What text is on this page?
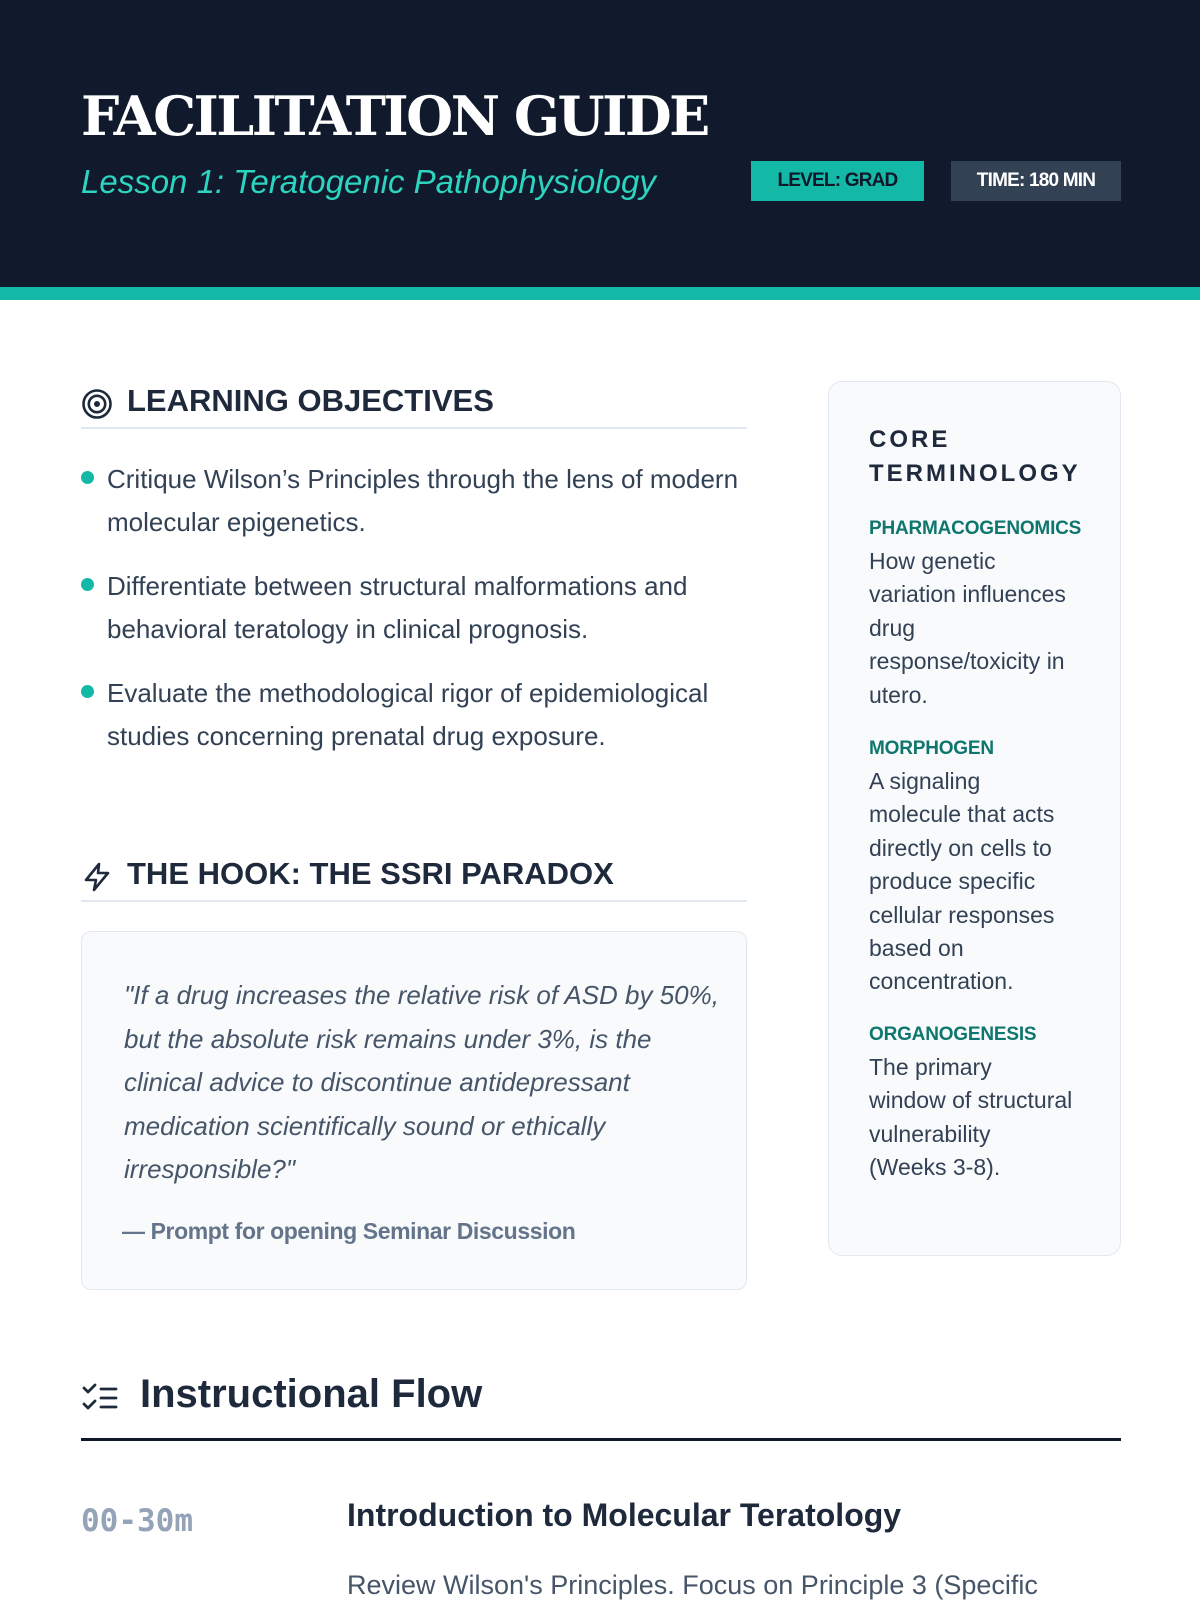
FACILITATION GUIDE
Lesson 1: Teratogenic Pathophysiology	LEVEL: GRAD	TIME: 180 MIN
LEARNING OBJECTIVES
Critique Wilson’s Principles through the lens of modern molecular epigenetics.
Differentiate between structural malformations and behavioral teratology in clinical prognosis.
Evaluate the methodological rigor of epidemiological studies concerning prenatal drug exposure.
THE HOOK: THE SSRI PARADOX
"If a drug increases the relative risk of ASD by 50%, but the absolute risk remains under 3%, is the clinical advice to discontinue antidepressant medication scientifically sound or ethically irresponsible?"
— Prompt for opening Seminar Discussion
CORE TERMINOLOGY
PHARMACOGENOMICS
How genetic variation influences drug response/toxicity in utero.
MORPHOGEN
A signaling molecule that acts directly on cells to produce specific cellular responses based on concentration.
ORGANOGENESIS
The primary window of structural vulnerability (Weeks 3-8).
Instructional Flow
00-30m	Introduction to Molecular Teratology
Review Wilson's Principles. Focus on Principle 3 (Specific
